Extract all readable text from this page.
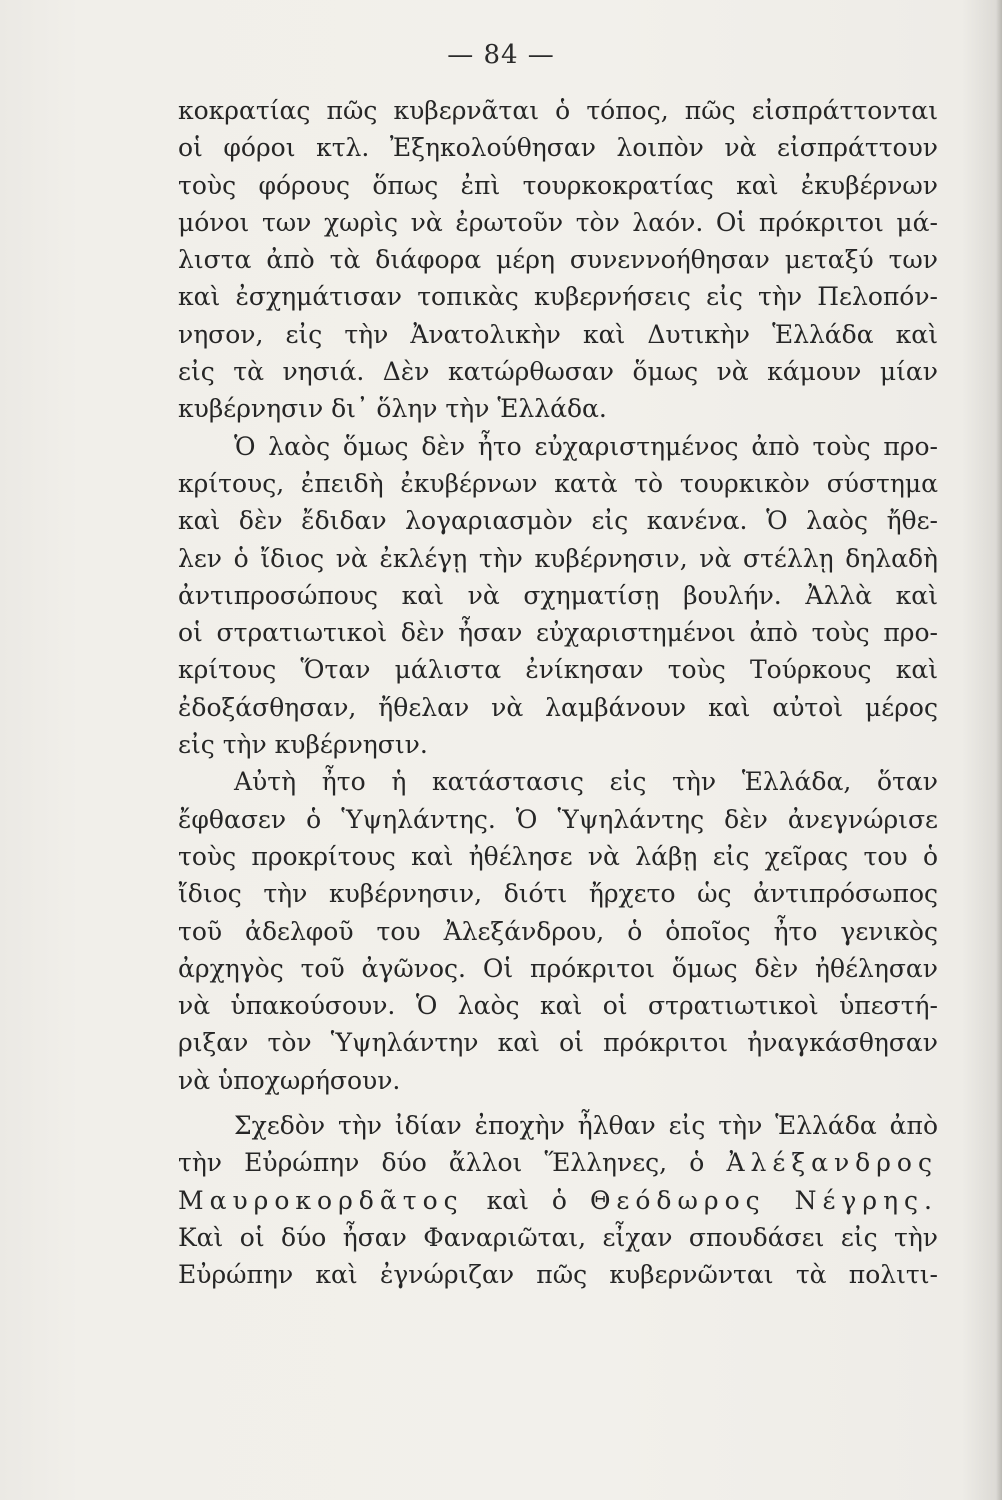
— 84 —
κοκρατίας πῶς κυβερνᾶται ὁ τόπος, πῶς εἰσπράττονται
οἱ φόροι κτλ. Ἐξηκολούθησαν λοιπὸν νὰ εἰσπράττουν
τοὺς φόρους ὅπως ἐπὶ τουρκοκρατίας καὶ ἐκυβέρνων
μόνοι των χωρὶς νὰ ἐρωτοῦν τὸν λαόν. Οἱ πρόκριτοι μά-
λιστα ἀπὸ τὰ διάφορα μέρη συνεννοήθησαν μεταξύ των
καὶ ἐσχημάτισαν τοπικὰς κυβερνήσεις εἰς τὴν Πελοπόν-
νησον, εἰς τὴν Ἀνατολικὴν καὶ Δυτικὴν Ἑλλάδα καὶ
εἰς τὰ νησιά. Δὲν κατώρθωσαν ὅμως νὰ κάμουν μίαν
κυβέρνησιν δι᾽ ὅλην τὴν Ἑλλάδα.
Ὁ λαὸς ὅμως δὲν ἦτο εὐχαριστημένος ἀπὸ τοὺς προ-
κρίτους, ἐπειδὴ ἐκυβέρνων κατὰ τὸ τουρκικὸν σύστημα
καὶ δὲν ἔδιδαν λογαριασμὸν εἰς κανένα. Ὁ λαὸς ἤθε-
λεν ὁ ἴδιος νὰ ἐκλέγῃ τὴν κυβέρνησιν, νὰ στέλλῃ δηλαδὴ
ἀντιπροσώπους καὶ νὰ σχηματίσῃ βουλήν. Ἀλλὰ καὶ
οἱ στρατιωτικοὶ δὲν ἦσαν εὐχαριστημένοι ἀπὸ τοὺς προ-
κρίτους Ὅταν μάλιστα ἐνίκησαν τοὺς Τούρκους καὶ
ἐδοξάσθησαν, ἤθελαν νὰ λαμβάνουν καὶ αὐτοὶ μέρος
εἰς τὴν κυβέρνησιν.
Αὐτὴ ἦτο ἡ κατάστασις εἰς τὴν Ἑλλάδα, ὅταν
ἔφθασεν ὁ Ὑψηλάντης. Ὁ Ὑψηλάντης δὲν ἀνεγνώρισε
τοὺς προκρίτους καὶ ἠθέλησε νὰ λάβῃ εἰς χεῖρας του ὁ
ἴδιος τὴν κυβέρνησιν, διότι ἤρχετο ὡς ἀντιπρόσωπος
τοῦ ἀδελφοῦ του Ἀλεξάνδρου, ὁ ὁποῖος ἦτο γενικὸς
ἀρχηγὸς τοῦ ἀγῶνος. Οἱ πρόκριτοι ὅμως δὲν ἠθέλησαν
νὰ ὑπακούσουν. Ὁ λαὸς καὶ οἱ στρατιωτικοὶ ὑπεστή-
ριξαν τὸν Ὑψηλάντην καὶ οἱ πρόκριτοι ἠναγκάσθησαν
νὰ ὑποχωρήσουν.
Σχεδὸν τὴν ἰδίαν ἐποχὴν ἦλθαν εἰς τὴν Ἑλλάδα ἀπὸ
τὴν Εὐρώπην δύο ἄλλοι Ἕλληνες, ὁ Ἀλέξανδρος
Μαυροκορδᾶτος καὶ ὁ Θεόδωρος Νέγρης.
Καὶ οἱ δύο ἦσαν Φαναριῶται, εἶχαν σπουδάσει εἰς τὴν
Εὐρώπην καὶ ἐγνώριζαν πῶς κυβερνῶνται τὰ πολιτι-
